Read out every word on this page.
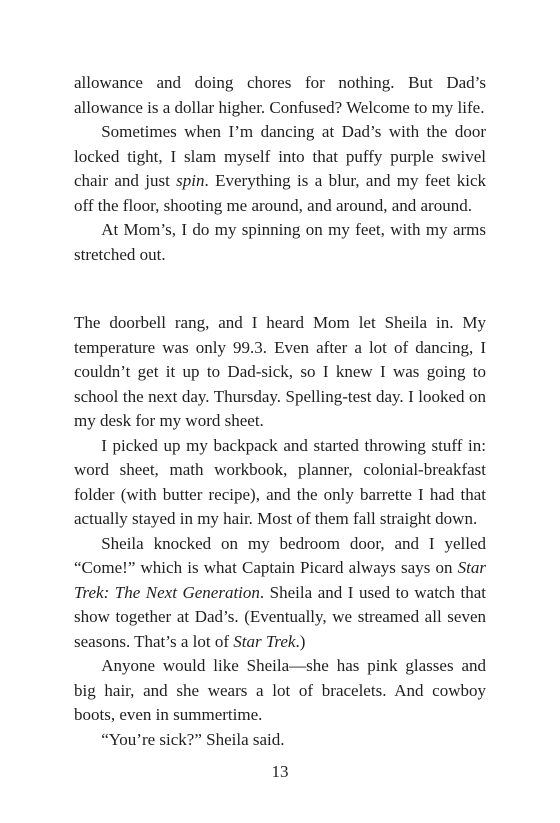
allowance and doing chores for nothing. But Dad’s allowance is a dollar higher. Confused? Welcome to my life.

Sometimes when I’m dancing at Dad’s with the door locked tight, I slam myself into that puffy purple swivel chair and just spin. Everything is a blur, and my feet kick off the floor, shooting me around, and around, and around.

At Mom’s, I do my spinning on my feet, with my arms stretched out.

The doorbell rang, and I heard Mom let Sheila in. My temperature was only 99.3. Even after a lot of dancing, I couldn’t get it up to Dad-sick, so I knew I was going to school the next day. Thursday. Spelling-test day. I looked on my desk for my word sheet.

I picked up my backpack and started throwing stuff in: word sheet, math workbook, planner, colonial-breakfast folder (with butter recipe), and the only barrette I had that actually stayed in my hair. Most of them fall straight down.

Sheila knocked on my bedroom door, and I yelled “Come!” which is what Captain Picard always says on Star Trek: The Next Generation. Sheila and I used to watch that show together at Dad’s. (Eventually, we streamed all seven seasons. That’s a lot of Star Trek.)

Anyone would like Sheila—she has pink glasses and big hair, and she wears a lot of bracelets. And cowboy boots, even in summertime.

“You’re sick?” Sheila said.

13
